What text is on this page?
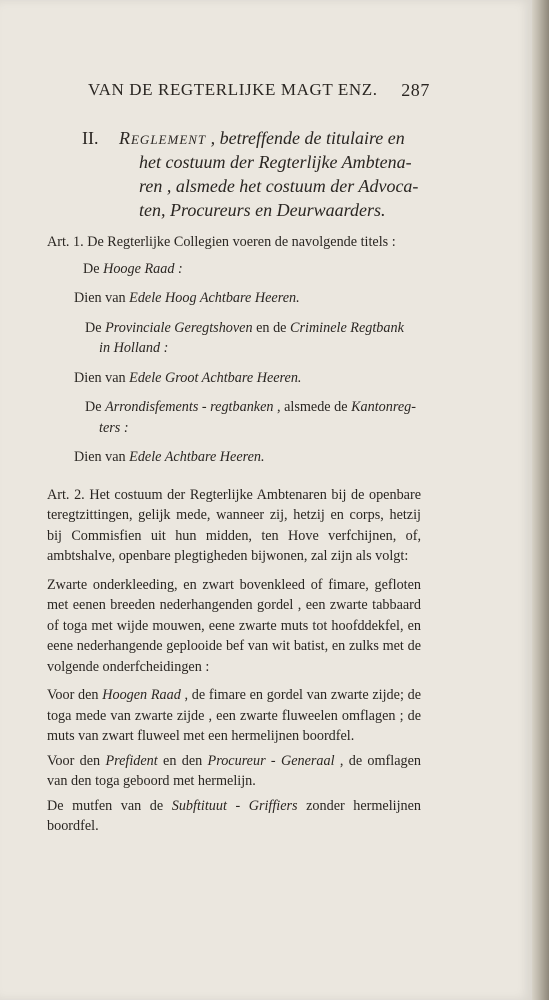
VAN DE REGTERLIJKE MAGT ENZ. 287
II. Reglement , betreffende de titulaire en
het costuum der Regterlijke Ambtena-
ren , alsmede het costuum der Advoca-
ten, Procureurs en Deurwaarders.

Art. 1. De Regterlijke Collegien voeren de navolgende titels :

De Hooge Raad :
Dien van Edele Hoog Achtbare Heeren.
De Provinciale Geregtshoven en de Criminele Regtbank
in Holland :
Dien van Edele Groot Achtbare Heeren.
De Arrondisfements - regtbanken , alsmede de Kantonreg-
ters :
Dien van Edele Achtbare Heeren.

Art. 2. Het costuum der Regterlijke Ambtenaren bij de openbare teregtzittingen, gelijk mede, wanneer zij, hetzij en corps, hetzij bij Commisfien uit hun midden, ten Hove verfchijnen, of, ambtshalve, openbare plegtigheden bijwonen, zal zijn als volgt:

Zwarte onderkleeding, en zwart bovenkleed of fimare, gefloten met eenen breeden nederhangenden gordel , een zwarte tabbaard of toga met wijde mouwen, eene zwarte muts tot hoofddekfel, en eene nederhangende geplooide bef van wit batist, en zulks met de volgende onderfcheidingen :

Voor den Hoogen Raad , de fimare en gordel van zwarte zijde; de toga mede van zwarte zijde , een zwarte fluweelen omflagen ; de muts van zwart fluweel met een hermelijnen boordfel.

Voor den Prefident en den Procureur - Generaal , de omflagen van den toga geboord met hermelijn.

De mutfen van de Subftituut - Griffiers zonder hermelijnen boordfel.
